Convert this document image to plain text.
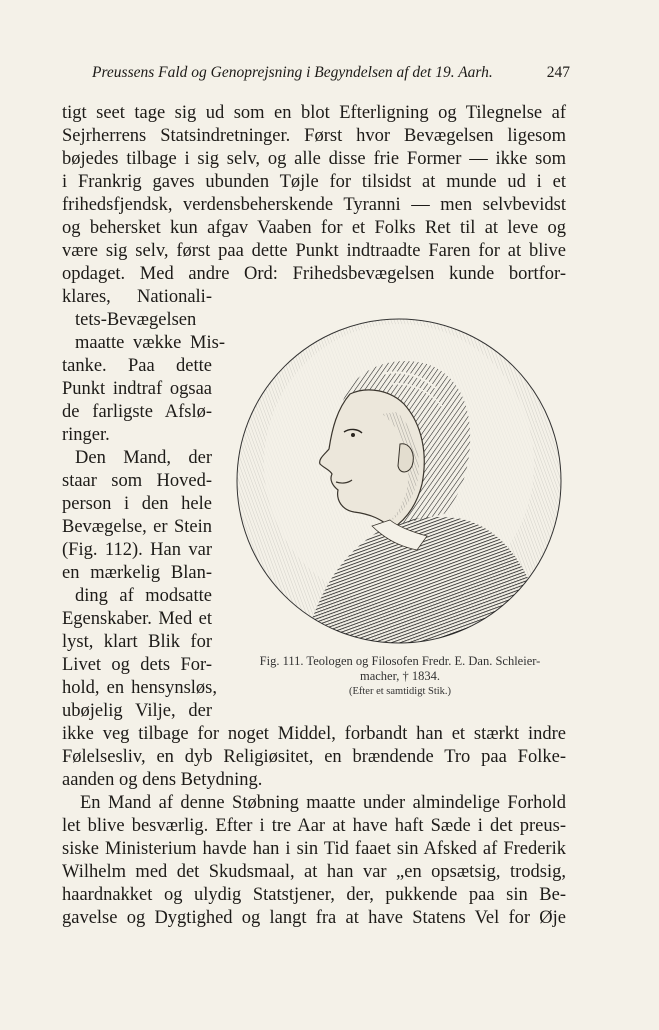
Preussens Fald og Genoprejsning i Begyndelsen af det 19. Aarh.	247
tigt seet tage sig ud som en blot Efterligning og Tilegnelse af
Sejrherrens Statsindretninger. Først hvor Bevægelsen ligesom
bøjedes tilbage i sig selv, og alle disse frie Former — ikke som
i Frankrig gaves ubunden Tøjle for tilsidst at munde ud i et
frihedsfjendsk, verdensbeherskende Tyranni — men selvbevidst
og behersket kun afgav Vaaben for et Folks Ret til at leve og
være sig selv, først paa dette Punkt indtraadte Faren for at blive
opdaget. Med andre Ord: Frihedsbevægelsen kunde bortfor-
klares, Nationali-
tets-Bevægelsen
maatte vække Mis-
tanke. Paa dette
Punkt indtraf ogsaa
de farligste Afslø-
ringer.
Den Mand, der
staar som Hoved-
person i den hele
Bevægelse, er Stein
(Fig. 112). Han var
en mærkelig Blan-
ding af modsatte
Egenskaber. Med et
lyst, klart Blik for
Livet og dets For-
hold, en hensynsløs,
ubøjelig Vilje, der
Fig. 111. Teologen og Filosofen Fredr. E. Dan. Schleier-
macher, † 1834.
(Efter et samtidigt Stik.)
ikke veg tilbage for noget Middel, forbandt han et stærkt indre
Følelsesliv, en dyb Religiøsitet, en brændende Tro paa Folke-
aanden og dens Betydning.
En Mand af denne Støbning maatte under almindelige Forhold
let blive besværlig. Efter i tre Aar at have haft Sæde i det preus-
siske Ministerium havde han i sin Tid faaet sin Afsked af Frederik
Wilhelm med det Skudsmaal, at han var „en opsætsig, trodsig,
haardnakket og ulydig Statstjener, der, pukkende paa sin Be-
gavelse og Dygtighed og langt fra at have Statens Vel for Øje
